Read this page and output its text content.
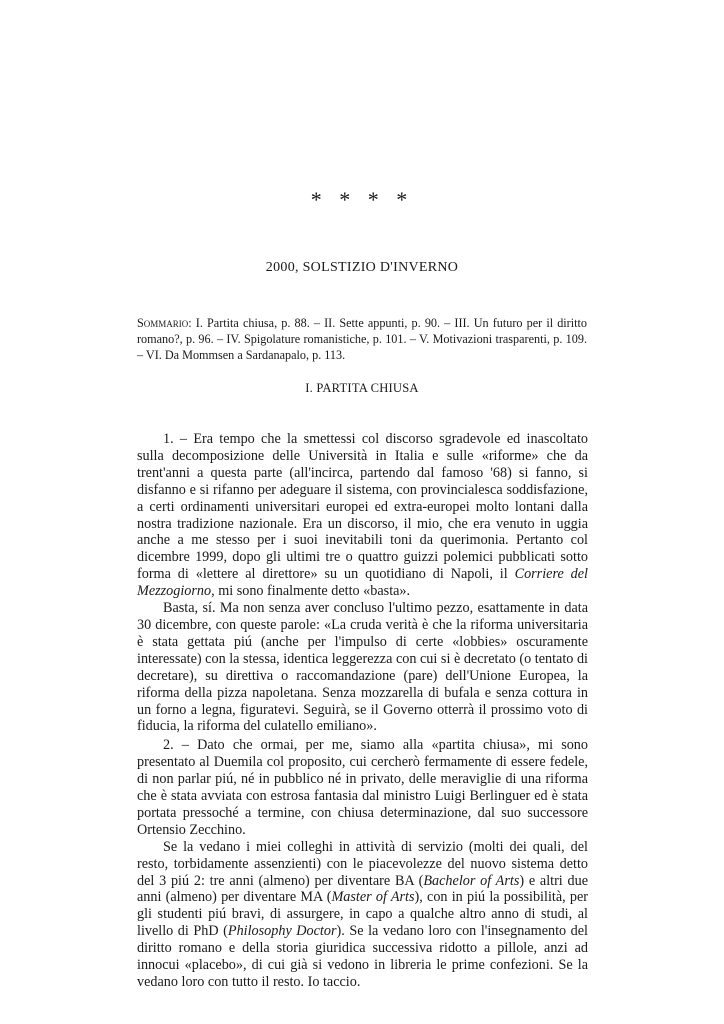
* * * *
2000, SOLSTIZIO D'INVERNO
Sommario: I. Partita chiusa, p. 88. – II. Sette appunti, p. 90. – III. Un futuro per il diritto romano?, p. 96. – IV. Spigolature romanistiche, p. 101. – V. Motivazioni trasparenti, p. 109. – VI. Da Mommsen a Sardanapalo, p. 113.
I. PARTITA CHIUSA

1. – Era tempo che la smettessi col discorso sgradevole ed inascoltato sulla decomposizione delle Università in Italia e sulle «riforme» che da trent'anni a questa parte (all'incirca, partendo dal famoso '68) si fanno, si disfanno e si rifanno per adeguare il sistema, con provincialesca soddisfazione, a certi ordinamenti universitari europei ed extra-europei molto lontani dalla nostra tradizione nazionale. Era un discorso, il mio, che era venuto in uggia anche a me stesso per i suoi inevitabili toni da querimonia. Pertanto col dicembre 1999, dopo gli ultimi tre o quattro guizzi polemici pubblicati sotto forma di «lettere al direttore» su un quotidiano di Napoli, il Corriere del Mezzogiorno, mi sono finalmente detto «basta».

Basta, sí. Ma non senza aver concluso l'ultimo pezzo, esattamente in data 30 dicembre, con queste parole: «La cruda verità è che la riforma universitaria è stata gettata piú (anche per l'impulso di certe «lobbies» oscuramente interessate) con la stessa, identica leggerezza con cui si è decretato (o tentato di decretare), su direttiva o raccomandazione (pare) dell'Unione Europea, la riforma della pizza napoletana. Senza mozzarella di bufala e senza cottura in un forno a legna, figuratevi. Seguirà, se il Governo otterrà il prossimo voto di fiducia, la riforma del culatello emiliano».

2. – Dato che ormai, per me, siamo alla «partita chiusa», mi sono presentato al Duemila col proposito, cui cercherò fermamente di essere fedele, di non parlar piú, né in pubblico né in privato, delle meraviglie di una riforma che è stata avviata con estrosa fantasia dal ministro Luigi Berlinguer ed è stata portata pressoché a termine, con chiusa determinazione, dal suo successore Ortensio Zecchino.

Se la vedano i miei colleghi in attività di servizio (molti dei quali, del resto, torbidamente assenzienti) con le piacevolezze del nuovo sistema detto del 3 piú 2: tre anni (almeno) per diventare BA (Bachelor of Arts) e altri due anni (almeno) per diventare MA (Master of Arts), con in piú la possibilità, per gli studenti piú bravi, di assurgere, in capo a qualche altro anno di studi, al livello di PhD (Philosophy Doctor). Se la vedano loro con l'insegnamento del diritto romano e della storia giuridica successiva ridotto a pillole, anzi ad innocui «placebo», di cui già si vedono in libreria le prime confezioni. Se la vedano loro con tutto il resto. Io taccio.
